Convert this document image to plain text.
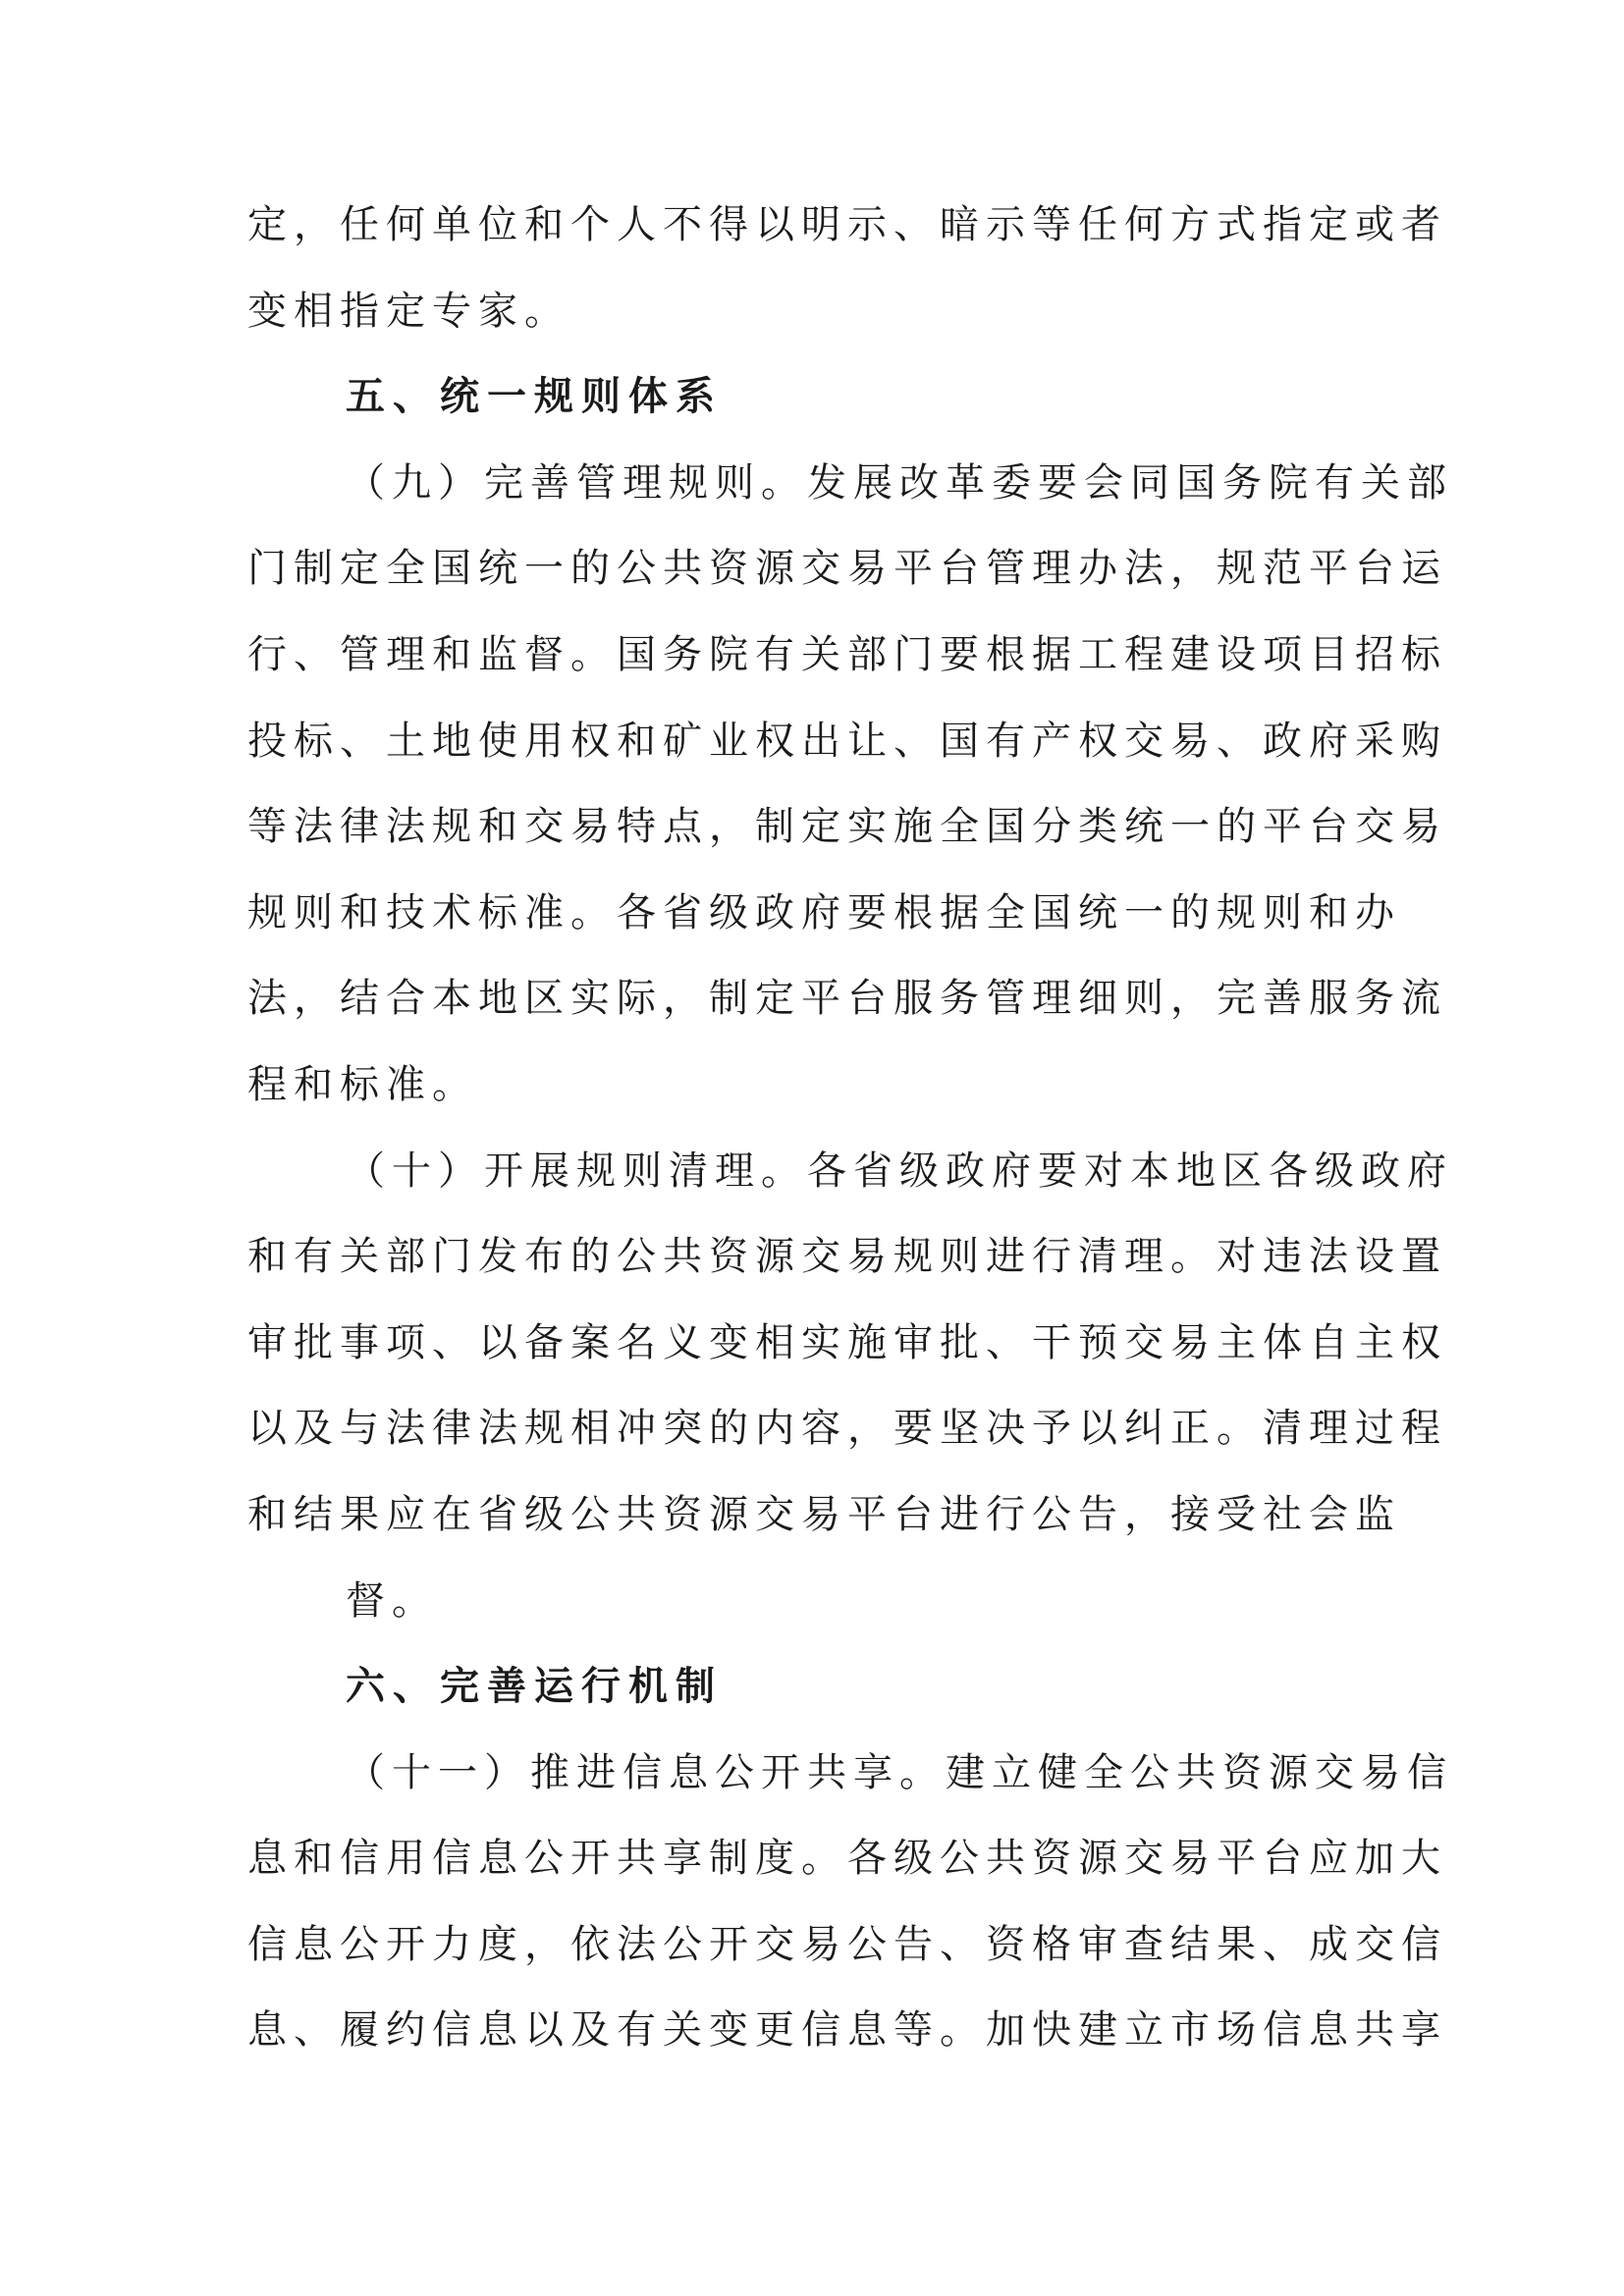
定，任何单位和个人不得以明示、暗示等任何方式指定或者
变相指定专家。
五、统一规则体系
（九）完善管理规则。发展改革委要会同国务院有关部
门制定全国统一的公共资源交易平台管理办法，规范平台运
行、管理和监督。国务院有关部门要根据工程建设项目招标
投标、土地使用权和矿业权出让、国有产权交易、政府采购
等法律法规和交易特点，制定实施全国分类统一的平台交易
规则和技术标准。各省级政府要根据全国统一的规则和办
法，结合本地区实际，制定平台服务管理细则，完善服务流
程和标准。
（十）开展规则清理。各省级政府要对本地区各级政府
和有关部门发布的公共资源交易规则进行清理。对违法设置
审批事项、以备案名义变相实施审批、干预交易主体自主权
以及与法律法规相冲突的内容，要坚决予以纠正。清理过程
和结果应在省级公共资源交易平台进行公告，接受社会监
督。
六、完善运行机制
（十一）推进信息公开共享。建立健全公共资源交易信
息和信用信息公开共享制度。各级公共资源交易平台应加大
信息公开力度，依法公开交易公告、资格审查结果、成交信
息、履约信息以及有关变更信息等。加快建立市场信息共享
